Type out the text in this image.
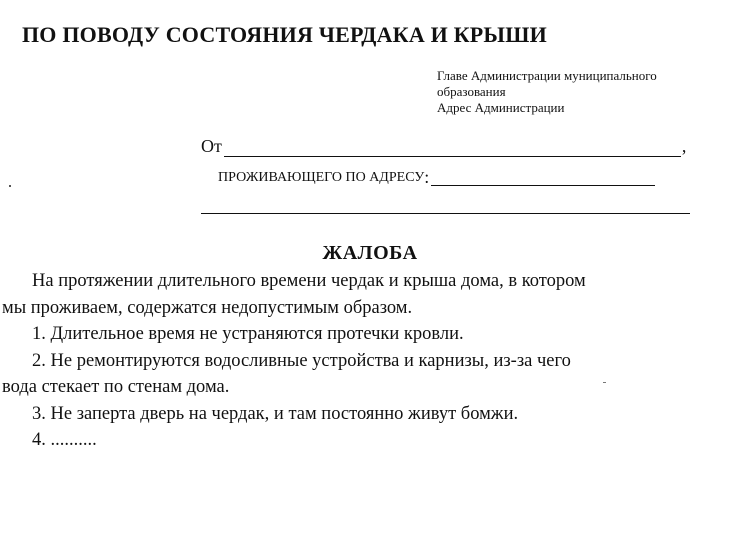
ПО ПОВОДУ СОСТОЯНИЯ ЧЕРДАКА И КРЫШИ
Главе Администрации муниципального
образования
Адрес Администрации
От	,
ПРОЖИВАЮЩЕГО ПО АДРЕСУ :
ЖАЛОБА
На протяжении длительного времени чердак и крыша дома, в котором
мы проживаем, содержатся недопустимым образом.
1. Длительное время не устраняются протечки кровли.
2. Не ремонтируются водосливные устройства и карнизы, из-за чего
вода стекает по стенам дома.
3. Не заперта дверь на чердак, и там постоянно живут бомжи.
4. ..........
